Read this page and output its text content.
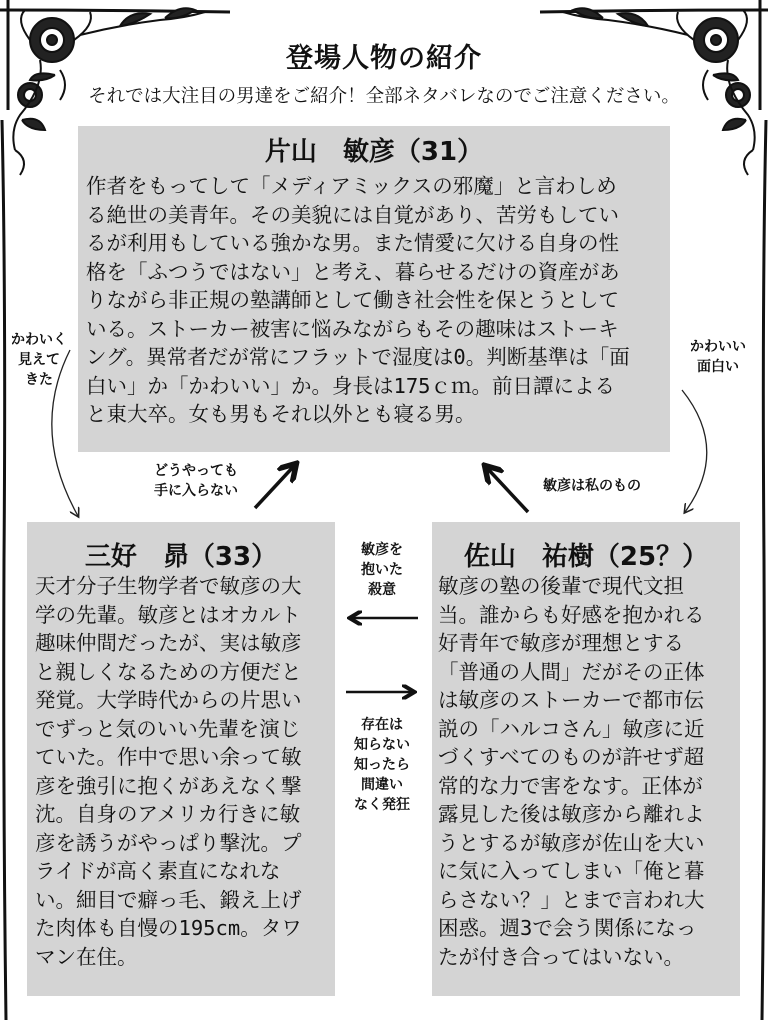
登場人物の紹介
それでは大注目の男達をご紹介！全部ネタバレなのでご注意ください。
片山　敏彦（31）
作者をもってして「メディアミックスの邪魔」と言わしめ
る絶世の美青年。その美貌には自覚があり、苦労もしてい
るが利用もしている強かな男。また情愛に欠ける自身の性
格を「ふつうではない」と考え、暮らせるだけの資産があ
りながら非正規の塾講師として働き社会性を保とうとして
いる。ストーカー被害に悩みながらもその趣味はストーキ
ング。異常者だが常にフラットで湿度は0。判断基準は「面
白い」か「かわいい」か。身長は175ｃｍ。前日譚による
と東大卒。女も男もそれ以外とも寝る男。
三好　昴（33）
天才分子生物学者で敏彦の大
学の先輩。敏彦とはオカルト
趣味仲間だったが、実は敏彦
と親しくなるための方便だと
発覚。大学時代からの片思い
でずっと気のいい先輩を演じ
ていた。作中で思い余って敏
彦を強引に抱くがあえなく撃
沈。自身のアメリカ行きに敏
彦を誘うがやっぱり撃沈。プ
ライドが高く素直になれな
い。細目で癖っ毛、鍛え上げ
た肉体も自慢の195cm。タワ
マン在住。
佐山　祐樹（25？）
敏彦の塾の後輩で現代文担
当。誰からも好感を抱かれる
好青年で敏彦が理想とする
「普通の人間」だがその正体
は敏彦のストーカーで都市伝
説の「ハルコさん」敏彦に近
づくすべてのものが許せず超
常的な力で害をなす。正体が
露見した後は敏彦から離れよ
うとするが敏彦が佐山を大い
に気に入ってしまい「俺と暮
らさない？」とまで言われ大
困惑。週3で会う関係になっ
たが付き合ってはいない。
かわいく
見えて
きた
かわいい
面白い
どうやっても
手に入らない	敏彦は私のもの
敏彦を
抱いた
殺意
存在は
知らない
知ったら
間違い
なく発狂
